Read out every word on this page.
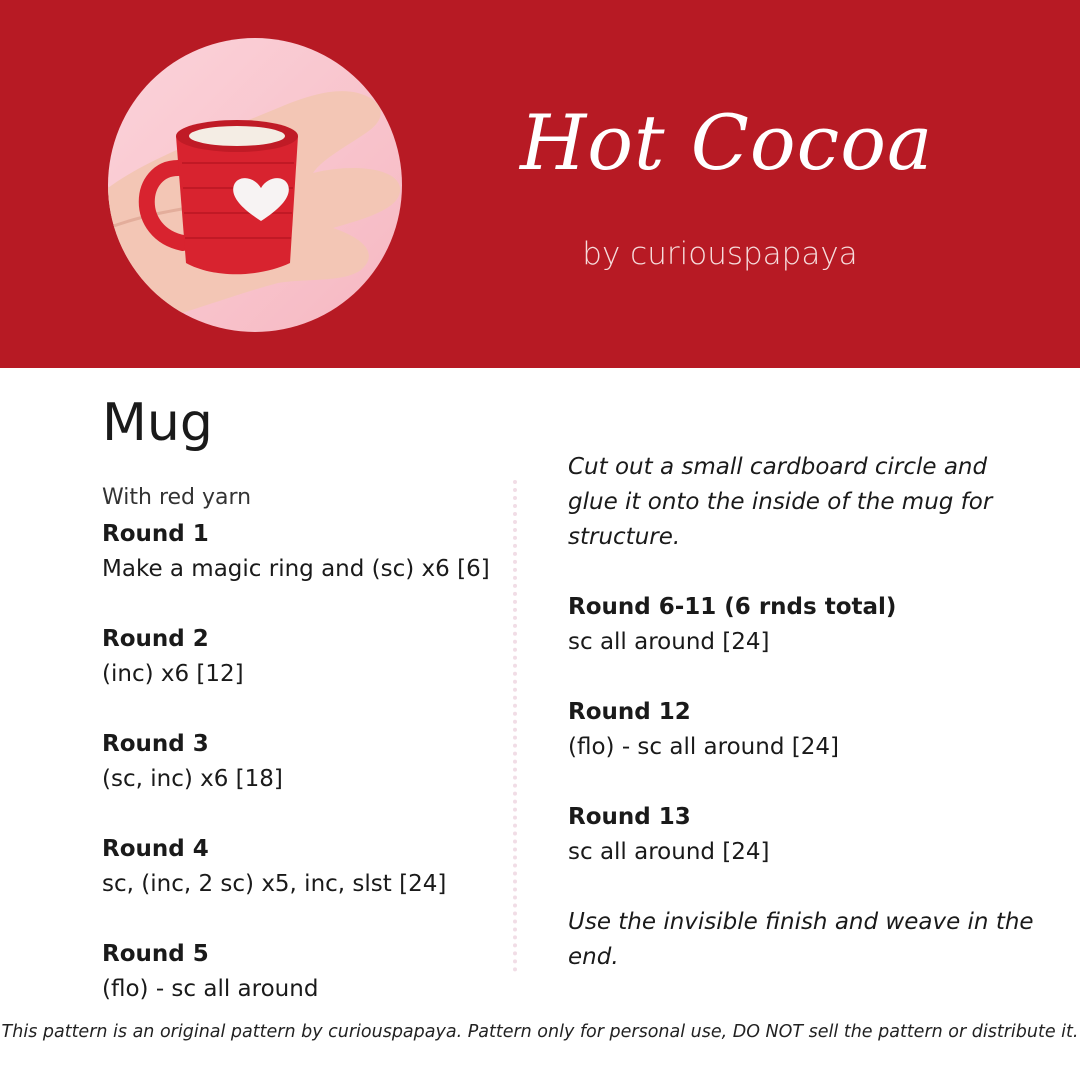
Hot Cocoa
by curiouspapaya
Mug
With red yarn
Round 1
Make a magic ring and (sc) x6 [6]
Round 2
(inc) x6 [12]
Round 3
(sc, inc) x6 [18]
Round 4
sc, (inc, 2 sc) x5, inc, slst [24]
Round 5
(flo) - sc all around
Cut out a small cardboard circle and glue it onto the inside of the mug for structure.
Round 6-11 (6 rnds total)
sc all around [24]
Round 12
(flo) - sc all around [24]
Round 13
sc all around [24]
Use the invisible finish and weave in the end.
This pattern is an original pattern by curiouspapaya. Pattern only for personal use, DO NOT sell the pattern or distribute it.
